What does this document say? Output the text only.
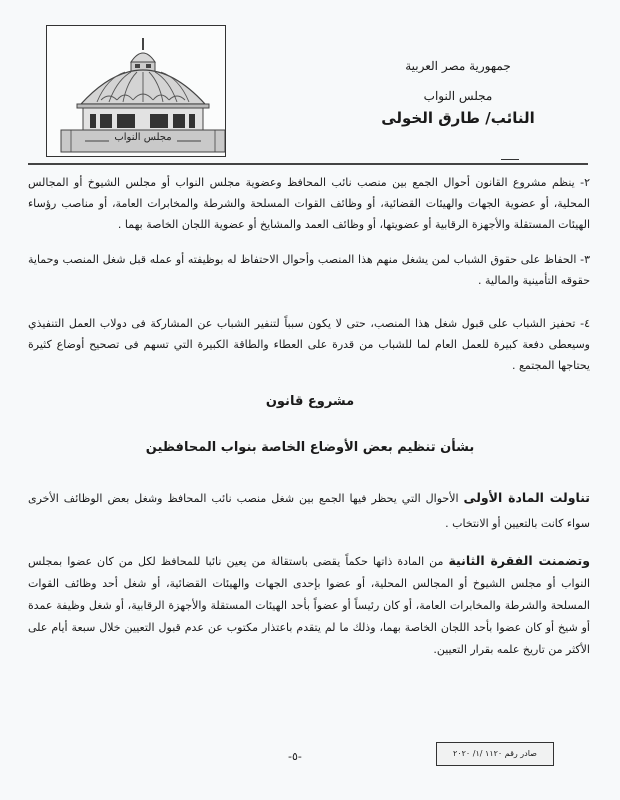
مجلس النواب
جمهورية مصر العربية
مجلس النواب
النائب/ طارق الخولى
٢- ينظم مشروع القانون أحوال الجمع بين منصب نائب المحافظ وعضوية مجلس النواب أو مجلس الشيوخ أو المجالس المحلية، أو عضوية الجهات والهيئات القضائية، أو وظائف القوات المسلحة والشرطة والمخابرات العامة، أو مناصب رؤساء الهيئات المستقلة والأجهزة الرقابية أو عضويتها، أو وظائف العمد والمشايخ أو عضوية اللجان الخاصة بهما .
٣- الحفاظ على حقوق الشباب لمن يشغل منهم هذا المنصب وأحوال الاحتفاظ له بوظيفته أو عمله قبل شغل المنصب وحماية حقوقه التأمينية والمالية .
٤- تحفيز الشباب على قبول شغل هذا المنصب، حتى لا يكون سبباً لتنفير الشباب عن المشاركة فى دولاب العمل التنفيذي وسيعطى دفعة كبيرة للعمل العام لما للشباب من قدرة على العطاء والطاقة الكبيرة التي تسهم فى تصحيح أوضاع كثيرة يحتاجها المجتمع .
مشروع قانون
بشأن تنظيم بعض الأوضاع الخاصة بنواب المحافظين
تناولت المادة الأولى الأحوال التي يحظر فيها الجمع بين شغل منصب نائب المحافظ وشغل بعض الوظائف الأخرى سواء كانت بالتعيين أو الانتخاب .
وتضمنت الفقرة الثانية من المادة ذاتها حكماً يقضى باستقالة من يعين نائبا للمحافظ لكل من كان عضوا بمجلس النواب أو مجلس الشيوخ أو المجالس المحلية، أو عضوا بإحدى الجهات والهيئات القضائية، أو شغل أحد وظائف القوات المسلحة والشرطة والمخابرات العامة، أو كان رئيساً أو عضواً بأحد الهيئات المستقلة والأجهزة الرقابية، أو شغل وظيفة عمدة أو شيخ أو كان عضوا بأحد اللجان الخاصة بهما، وذلك ما لم يتقدم باعتذار مكتوب عن عدم قبول التعيين خلال سبعة أيام على الأكثر من تاريخ علمه بقرار التعيين.
-٥-	صادر رقم ١١٢٠ /١/ ٢٠٢٠
